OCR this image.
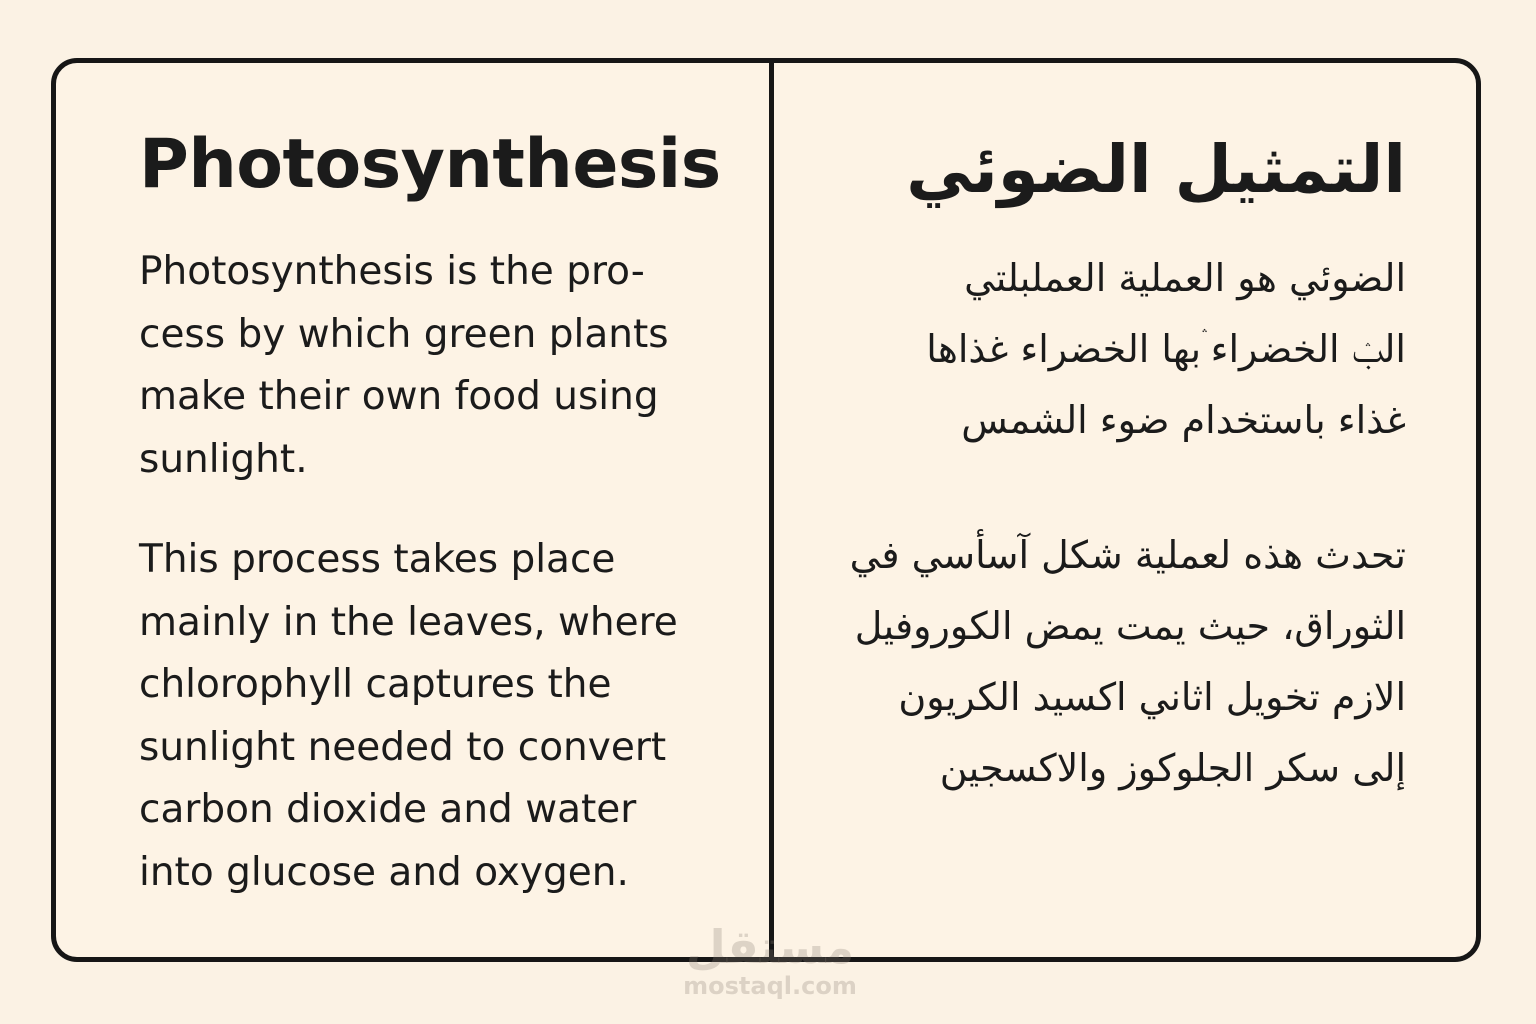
Photosynthesis

Photosynthesis is the pro-
cess by which green plants
make their own food using
sunlight.

This process takes place
mainly in the leaves, where
chlorophyll captures the
sunlight needed to convert
carbon dioxide and water
into glucose and oxygen.

التمثيل الضوئي

الضوئي هو العملية العملبلتي
البۛ الخضراء ۛبها الخضراء غذاها
غذاء باستخدام ضوء الشمس

تحدث هذه لعملية شكل آسأسي في
الثوراق، حيث يمت يمض الكوروفيل
الازم تخويل اثاني اكسيد الكريون
إلى سكر الجلوكوز والاكسجين

مستقل
mostaql.com
